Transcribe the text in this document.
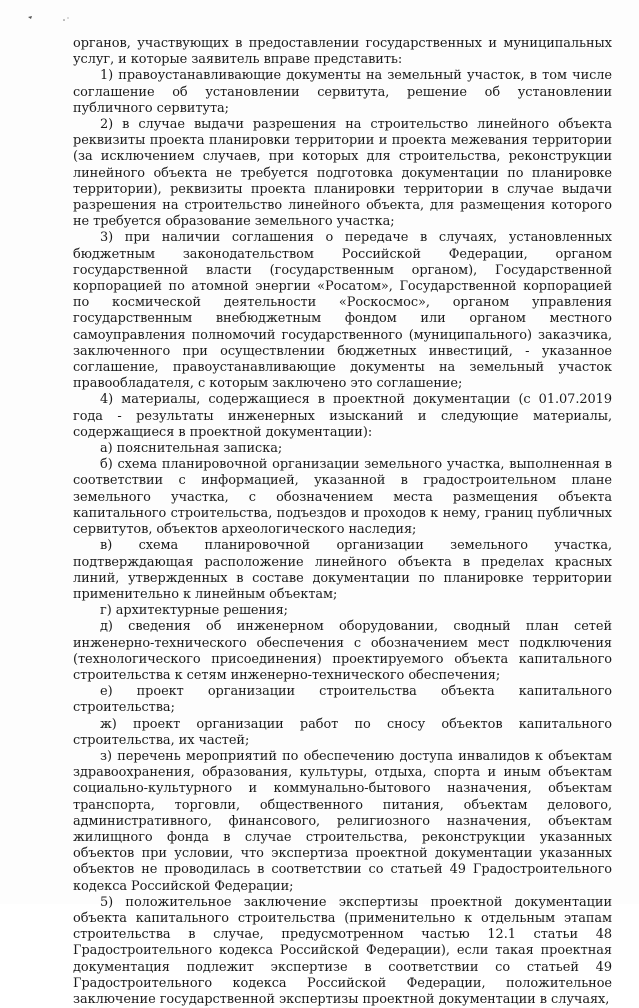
органов, участвующих в предоставлении государственных и муниципальных услуг, и которые заявитель вправе представить:

1) правоустанавливающие документы на земельный участок, в том числе соглашение об установлении сервитута, решение об установлении публичного сервитута;

2) в случае выдачи разрешения на строительство линейного объекта реквизиты проекта планировки территории и проекта межевания территории (за исключением случаев, при которых для строительства, реконструкции линейного объекта не требуется подготовка документации по планировке территории), реквизиты проекта планировки территории в случае выдачи разрешения на строительство линейного объекта, для размещения которого не требуется образование земельного участка;

3) при наличии соглашения о передаче в случаях, установленных бюджетным законодательством Российской Федерации, органом государственной власти (государственным органом), Государственной корпорацией по атомной энергии «Росатом», Государственной корпорацией по космической деятельности «Роскосмос», органом управления государственным внебюджетным фондом или органом местного самоуправления полномочий государственного (муниципального) заказчика, заключенного при осуществлении бюджетных инвестиций, - указанное соглашение, правоустанавливающие документы на земельный участок правообладателя, с которым заключено это соглашение;

4) материалы, содержащиеся в проектной документации (с 01.07.2019 года - результаты инженерных изысканий и следующие материалы, содержащиеся в проектной документации):

а) пояснительная записка;

б) схема планировочной организации земельного участка, выполненная в соответствии с информацией, указанной в градостроительном плане земельного участка, с обозначением места размещения объекта капитального строительства, подъездов и проходов к нему, границ публичных сервитутов, объектов археологического наследия;

в) схема планировочной организации земельного участка, подтверждающая расположение линейного объекта в пределах красных линий, утвержденных в составе документации по планировке территории применительно к линейным объектам;

г) архитектурные решения;

д) сведения об инженерном оборудовании, сводный план сетей инженерно-технического обеспечения с обозначением мест подключения (технологического присоединения) проектируемого объекта капитального строительства к сетям инженерно-технического обеспечения;

е) проект организации строительства объекта капитального строительства;

ж) проект организации работ по сносу объектов капитального строительства, их частей;

з) перечень мероприятий по обеспечению доступа инвалидов к объектам здравоохранения, образования, культуры, отдыха, спорта и иным объектам социально-культурного и коммунально-бытового назначения, объектам транспорта, торговли, общественного питания, объектам делового, административного, финансового, религиозного назначения, объектам жилищного фонда в случае строительства, реконструкции указанных объектов при условии, что экспертиза проектной документации указанных объектов не проводилась в соответствии со статьей 49 Градостроительного кодекса Российской Федерации;

5) положительное заключение экспертизы проектной документации объекта капитального строительства (применительно к отдельным этапам строительства в случае, предусмотренном частью 12.1 статьи 48 Градостроительного кодекса Российской Федерации), если такая проектная документация подлежит экспертизе в соответствии со статьей 49 Градостроительного кодекса Российской Федерации, положительное заключение государственной экспертизы проектной документации в случаях,
